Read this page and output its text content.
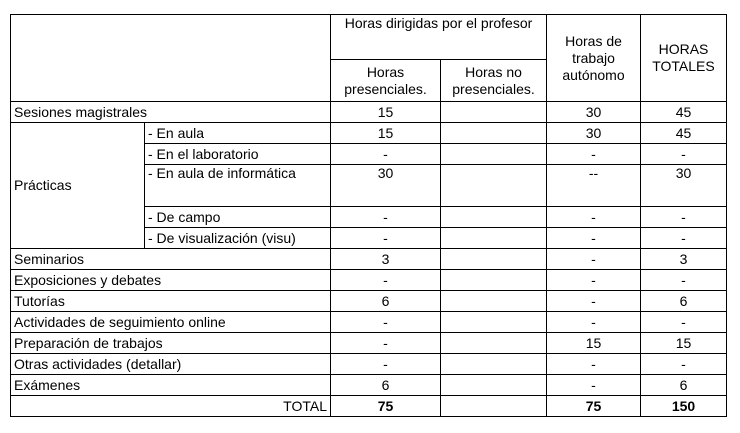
		Horas dirigidas por el profesor		Horas de trabajo autónomo	HORAS TOTALES
		Horas presenciales.	Horas no presenciales.		
Sesiones magistrales		15		30	45
Prácticas	- En aula	15		30	45
	- En el laboratorio	-		-	-
	- En aula de informática	30		--	30
	- De campo	-		-	-
	- De visualización (visu)	-		-	-
Seminarios		3		-	3
Exposiciones y debates		-		-	-
Tutorías		6		-	6
Actividades de seguimiento online		-		-	-
Preparación de trabajos		-		15	15
Otras actividades (detallar)		-		-	-
Exámenes		6		-	6
TOTAL		75		75	150
